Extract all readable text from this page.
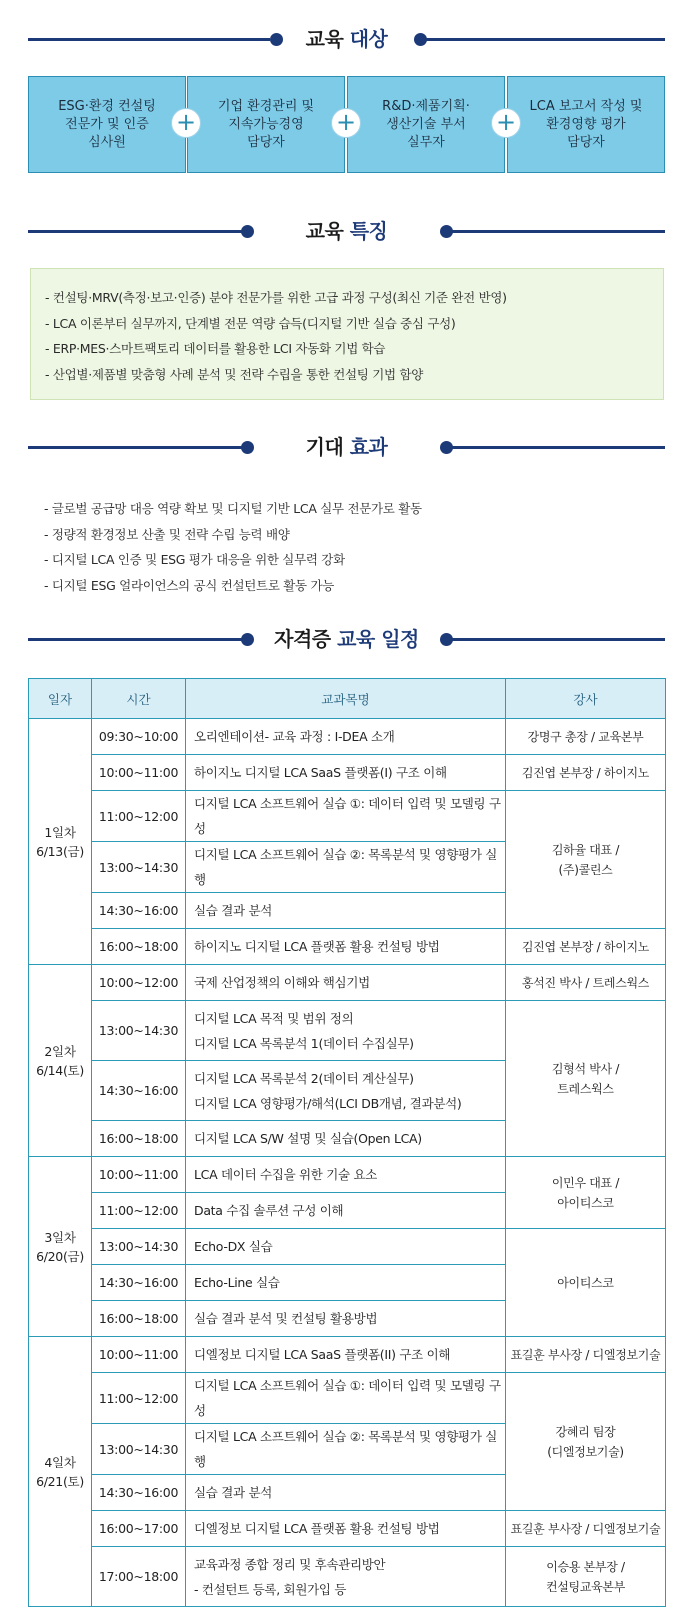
교육 대상
ESG·환경 컨설팅
전문가 및 인증
심사원
기업 환경관리 및
지속가능경영
담당자
R&D·제품기획·
생산기술 부서
실무자
LCA 보고서 작성 및
환경영향 평가
담당자
+	+	+
교육 특징
- 컨설팅·MRV(측정·보고·인증) 분야 전문가를 위한 고급 과정 구성(최신 기준 완전 반영)
- LCA 이론부터 실무까지, 단계별 전문 역량 습득(디지털 기반 실습 중심 구성)
- ERP·MES·스마트팩토리 데이터를 활용한 LCI 자동화 기법 학습
- 산업별·제품별 맞춤형 사례 분석 및 전략 수립을 통한 컨설팅 기법 함양
기대 효과
- 글로벌 공급망 대응 역량 확보 및 디지털 기반 LCA 실무 전문가로 활동
- 정량적 환경정보 산출 및 전략 수립 능력 배양
- 디지털 LCA 인증 및 ESG 평가 대응을 위한 실무력 강화
- 디지털 ESG 얼라이언스의 공식 컨설턴트로 활동 가능
자격증 교육 일정
일자	시간	교과목명	강사
1일차
6/13(금)	09:30~10:00	오리엔테이션- 교육 과정 : I-DEA 소개	강명구 총장 / 교육본부
	10:00~11:00	하이지노 디지털 LCA SaaS 플랫폼(I) 구조 이해	김진엽 본부장 / 하이지노
	11:00~12:00	디지털 LCA 소프트웨어 실습 ①: 데이터 입력 및 모델링 구성	김하율 대표 /
(주)콜린스
	13:00~14:30	디지털 LCA 소프트웨어 실습 ②: 목록분석 및 영향평가 실행	
	14:30~16:00	실습 결과 분석	
	16:00~18:00	하이지노 디지털 LCA 플랫폼 활용 컨설팅 방법	김진엽 본부장 / 하이지노
2일차
6/14(토)	10:00~12:00	국제 산업정책의 이해와 핵심기법	홍석진 박사 / 트레스웍스
	13:00~14:30	디지털 LCA 목적 및 범위 정의
디지털 LCA 목록분석 1(데이터 수집실무)	김형석 박사 /
트레스웍스
	14:30~16:00	디지털 LCA 목록분석 2(데이터 계산실무)
디지털 LCA 영향평가/해석(LCI DB개념, 결과분석)	
	16:00~18:00	디지털 LCA S/W 설명 및 실습(Open LCA)	
3일차
6/20(금)	10:00~11:00	LCA 데이터 수집을 위한 기술 요소	이민우 대표 /
아이티스코
	11:00~12:00	Data 수집 솔루션 구성 이해	
	13:00~14:30	Echo-DX 실습	아이티스코
	14:30~16:00	Echo-Line 실습	
	16:00~18:00	실습 결과 분석 및 컨설팅 활용방법	
4일차
6/21(토)	10:00~11:00	디엘정보 디지털 LCA SaaS 플랫폼(II) 구조 이해	표길훈 부사장 / 디엘정보기술
	11:00~12:00	디지털 LCA 소프트웨어 실습 ①: 데이터 입력 및 모델링 구성	강혜리 팀장
(디엘정보기술)
	13:00~14:30	디지털 LCA 소프트웨어 실습 ②: 목록분석 및 영향평가 실행	
	14:30~16:00	실습 결과 분석	
	16:00~17:00	디엘정보 디지털 LCA 플랫폼 활용 컨설팅 방법	표길훈 부사장 / 디엘정보기술
	17:00~18:00	교육과정 종합 정리 및 후속관리방안
- 컨설턴트 등록, 회원가입 등	이승용 본부장 /
컨설팅교육본부
